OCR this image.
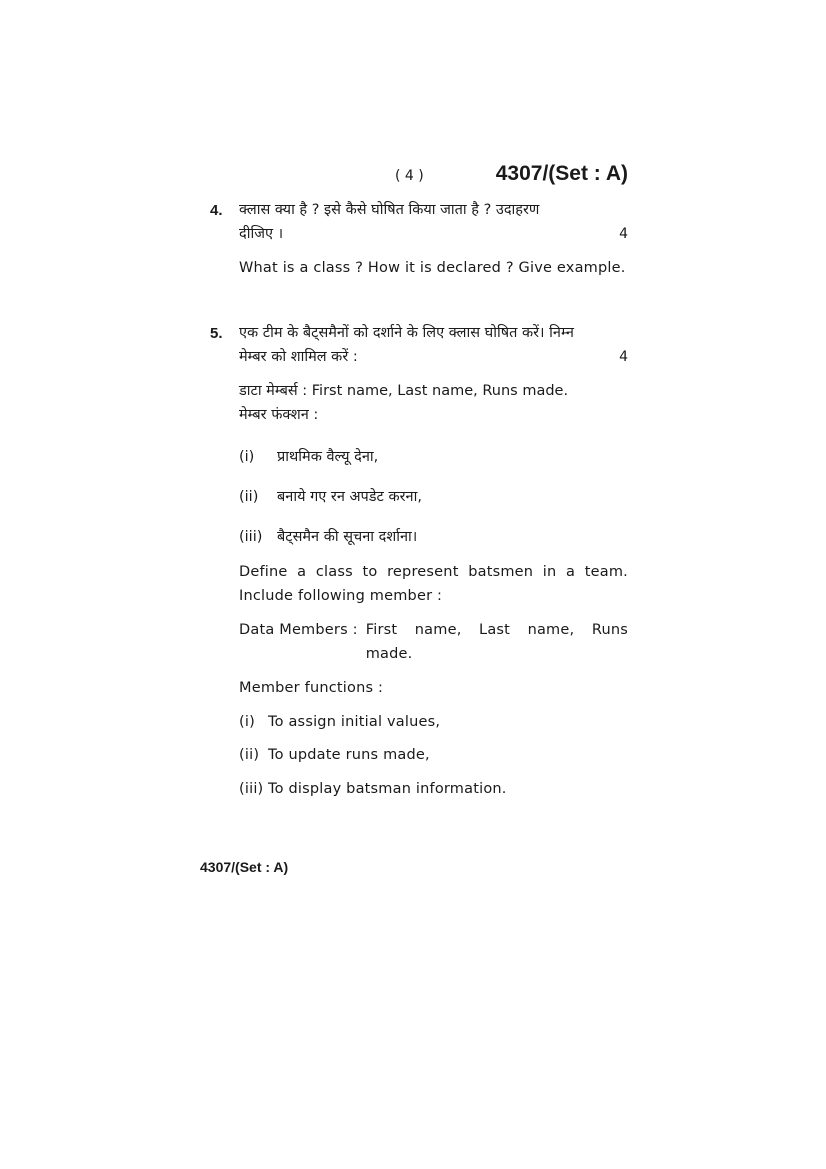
( 4 )	4307/(Set : A)
4. क्लास क्या है ? इसे कैसे घोषित किया जाता है ? उदाहरण
दीजिए ।	4
What is a class ? How it is declared ? Give example.
5. एक टीम के बैट्समैनों को दर्शाने के लिए क्लास घोषित करें। निम्न
मेम्बर को शामिल करें :	4
डाटा मेम्बर्स : First name, Last name, Runs made.
मेम्बर फंक्शन :
(i)	प्राथमिक वैल्यू देना,
(ii)	बनाये गए रन अपडेट करना,
(iii)	बैट्समैन की सूचना दर्शाना।
Define a class to represent batsmen in a team. Include following member :
Data Members : First name, Last name, Runs made.
Member functions :
(i) To assign initial values,
(ii) To update runs made,
(iii) To display batsman information.
4307/(Set : A)
